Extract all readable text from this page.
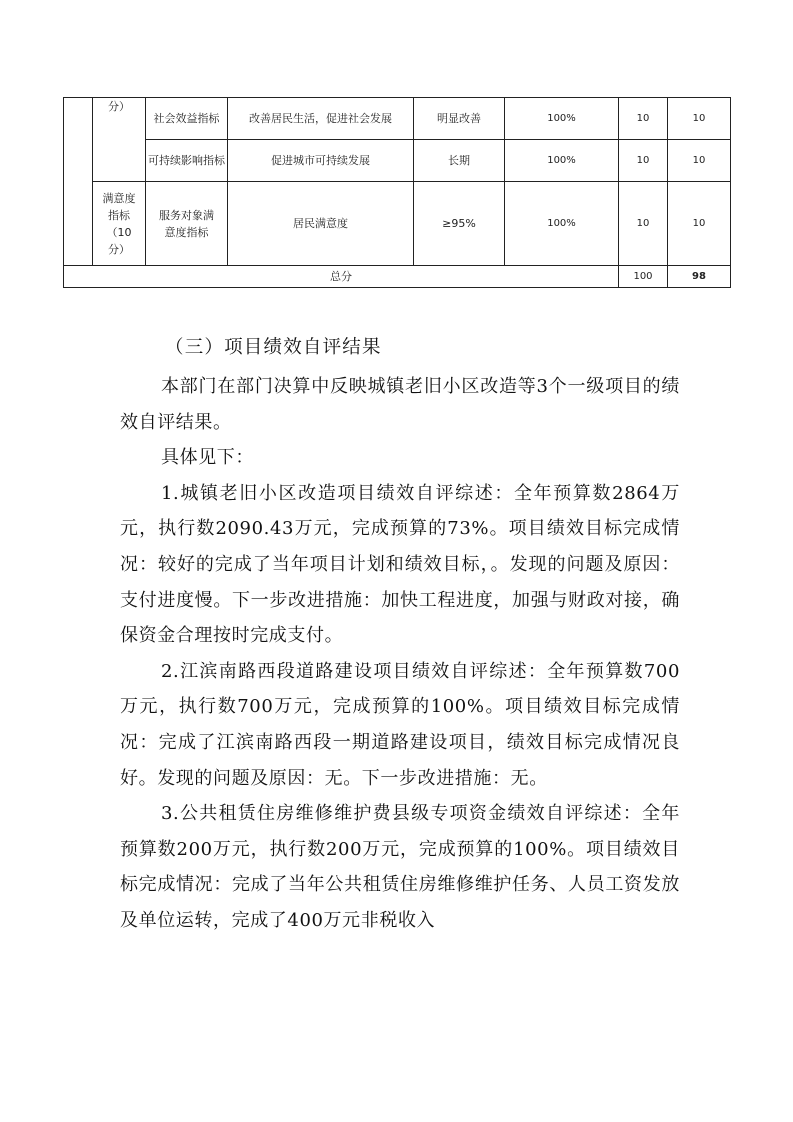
	分）	社会效益指标	改善居民生活，促进社会发展	明显改善	100%	10	10
		可持续影响指标	促进城市可持续发展	长期	100%	10	10
	满意度指标（10分）	服务对象满意度指标	居民满意度	≥95%	100%	10	10
总分						100	98
（三）项目绩效自评结果

本部门在部门决算中反映城镇老旧小区改造等3个一级项目的绩效自评结果。

具体见下：

1.城镇老旧小区改造项目绩效自评综述：全年预算数2864万元，执行数2090.43万元，完成预算的73%。项目绩效目标完成情况：较好的完成了当年项目计划和绩效目标，。发现的问题及原因：支付进度慢。下一步改进措施：加快工程进度，加强与财政对接，确保资金合理按时完成支付。

2.江滨南路西段道路建设项目绩效自评综述：全年预算数700万元，执行数700万元，完成预算的100%。项目绩效目标完成情况：完成了江滨南路西段一期道路建设项目，绩效目标完成情况良好。发现的问题及原因：无。下一步改进措施：无。

3.公共租赁住房维修维护费县级专项资金绩效自评综述：全年预算数200万元，执行数200万元，完成预算的100%。项目绩效目标完成情况：完成了当年公共租赁住房维修维护任务、人员工资发放及单位运转，完成了400万元非税收入
